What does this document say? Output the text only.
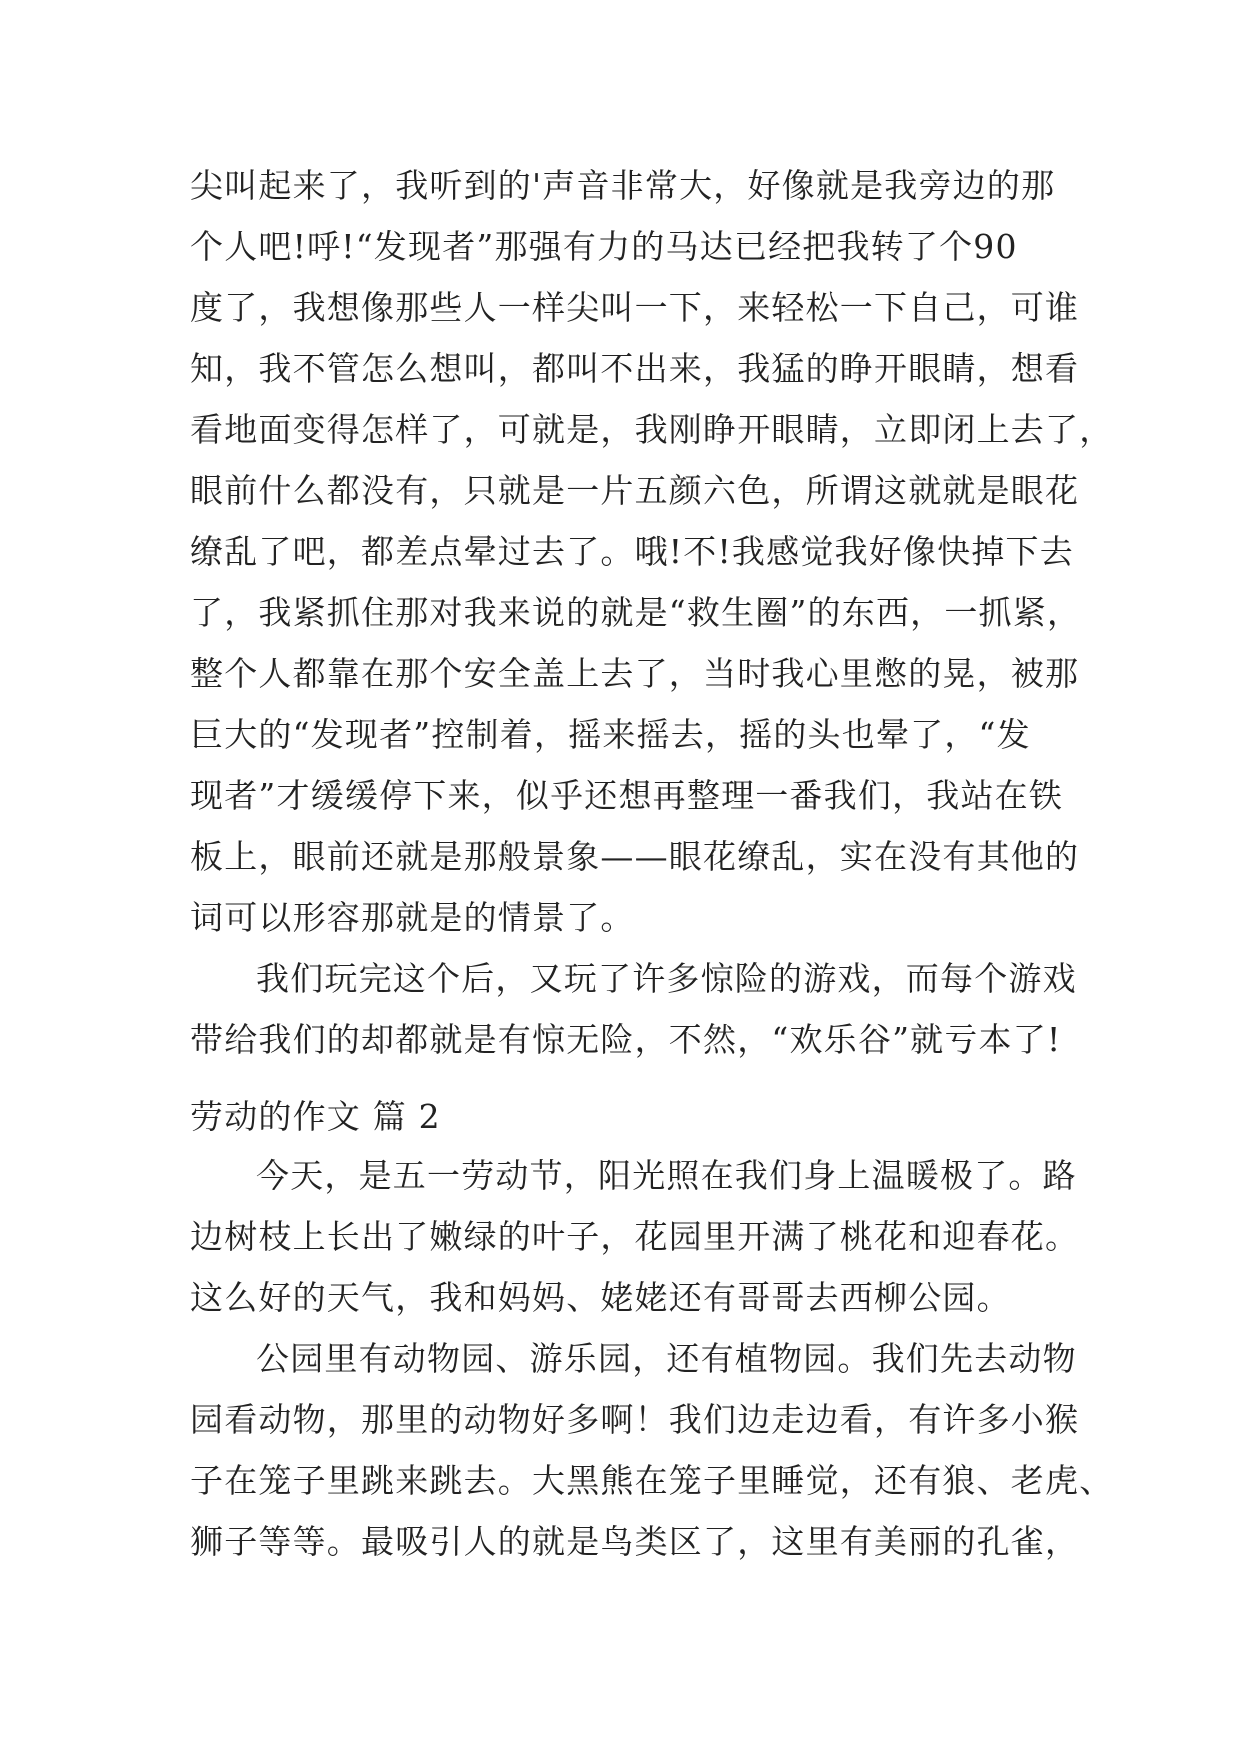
尖叫起来了，我听到的'声音非常大，好像就是我旁边的那
个人吧!呼!“发现者”那强有力的马达已经把我转了个90
度了，我想像那些人一样尖叫一下，来轻松一下自己，可谁
知，我不管怎么想叫，都叫不出来，我猛的睁开眼睛，想看
看地面变得怎样了，可就是，我刚睁开眼睛，立即闭上去了，
眼前什么都没有，只就是一片五颜六色，所谓这就就是眼花
缭乱了吧，都差点晕过去了。哦!不!我感觉我好像快掉下去
了，我紧抓住那对我来说的就是“救生圈”的东西，一抓紧，
整个人都靠在那个安全盖上去了，当时我心里憋的晃，被那
巨大的“发现者”控制着，摇来摇去，摇的头也晕了，“发
现者”才缓缓停下来，似乎还想再整理一番我们，我站在铁
板上，眼前还就是那般景象——眼花缭乱，实在没有其他的
词可以形容那就是的情景了。
我们玩完这个后，又玩了许多惊险的游戏，而每个游戏
带给我们的却都就是有惊无险，不然，“欢乐谷”就亏本了!
劳动的作文 篇 2
今天，是五一劳动节，阳光照在我们身上温暖极了。路
边树枝上长出了嫩绿的叶子，花园里开满了桃花和迎春花。
这么好的天气，我和妈妈、姥姥还有哥哥去西柳公园。
公园里有动物园、游乐园，还有植物园。我们先去动物
园看动物，那里的动物好多啊！我们边走边看，有许多小猴
子在笼子里跳来跳去。大黑熊在笼子里睡觉，还有狼、老虎、
狮子等等。最吸引人的就是鸟类区了，这里有美丽的孔雀，
